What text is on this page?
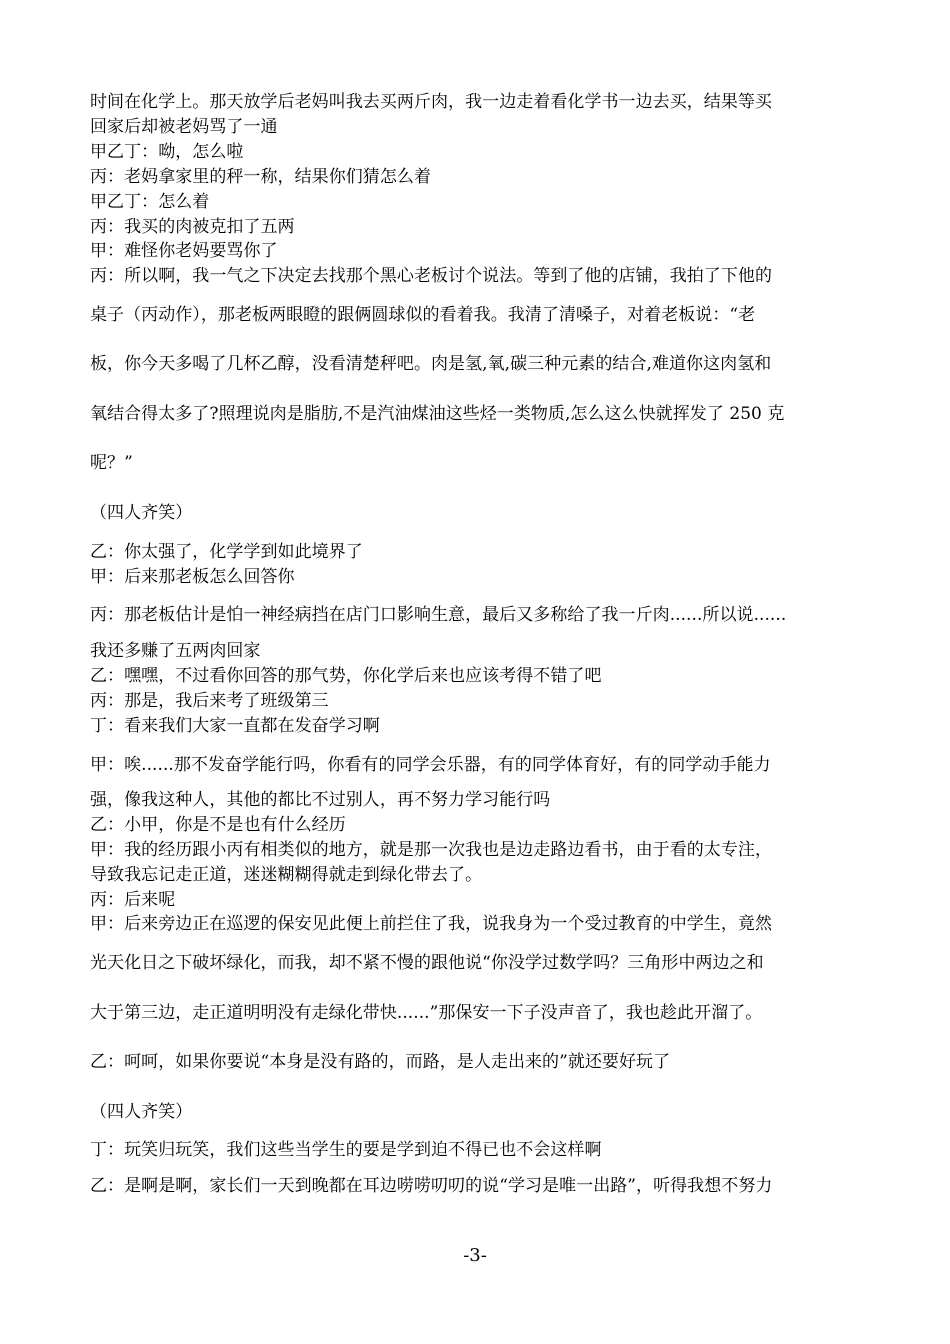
时间在化学上。那天放学后老妈叫我去买两斤肉，我一边走着看化学书一边去买，结果等买
回家后却被老妈骂了一通
甲乙丁：呦，怎么啦
丙：老妈拿家里的秤一称，结果你们猜怎么着
甲乙丁：怎么着
丙：我买的肉被克扣了五两
甲：难怪你老妈要骂你了
丙：所以啊，我一气之下决定去找那个黑心老板讨个说法。等到了他的店铺，我拍了下他的
桌子（丙动作），那老板两眼瞪的跟俩圆球似的看着我。我清了清嗓子，对着老板说：“老
板，你今天多喝了几杯乙醇，没看清楚秤吧。肉是氢,氧,碳三种元素的结合,难道你这肉氢和
氧结合得太多了?照理说肉是脂肪,不是汽油煤油这些烃一类物质,怎么这么快就挥发了 250 克
呢？”
（四人齐笑）
乙：你太强了，化学学到如此境界了
甲：后来那老板怎么回答你
丙：那老板估计是怕一神经病挡在店门口影响生意，最后又多称给了我一斤肉......所以说......
我还多赚了五两肉回家
乙：嘿嘿，不过看你回答的那气势，你化学后来也应该考得不错了吧
丙：那是，我后来考了班级第三
丁：看来我们大家一直都在发奋学习啊
甲：唉......那不发奋学能行吗，你看有的同学会乐器，有的同学体育好，有的同学动手能力
强，像我这种人，其他的都比不过别人，再不努力学习能行吗
乙：小甲，你是不是也有什么经历
甲：我的经历跟小丙有相类似的地方，就是那一次我也是边走路边看书，由于看的太专注，
导致我忘记走正道，迷迷糊糊得就走到绿化带去了。
丙：后来呢
甲：后来旁边正在巡逻的保安见此便上前拦住了我，说我身为一个受过教育的中学生，竟然
光天化日之下破坏绿化，而我，却不紧不慢的跟他说“你没学过数学吗？三角形中两边之和
大于第三边，走正道明明没有走绿化带快......”那保安一下子没声音了，我也趁此开溜了。
乙：呵呵，如果你要说“本身是没有路的，而路，是人走出来的”就还要好玩了
（四人齐笑）
丁：玩笑归玩笑，我们这些当学生的要是学到迫不得已也不会这样啊
乙：是啊是啊，家长们一天到晚都在耳边唠唠叨叨的说“学习是唯一出路”，听得我想不努力
-3-
